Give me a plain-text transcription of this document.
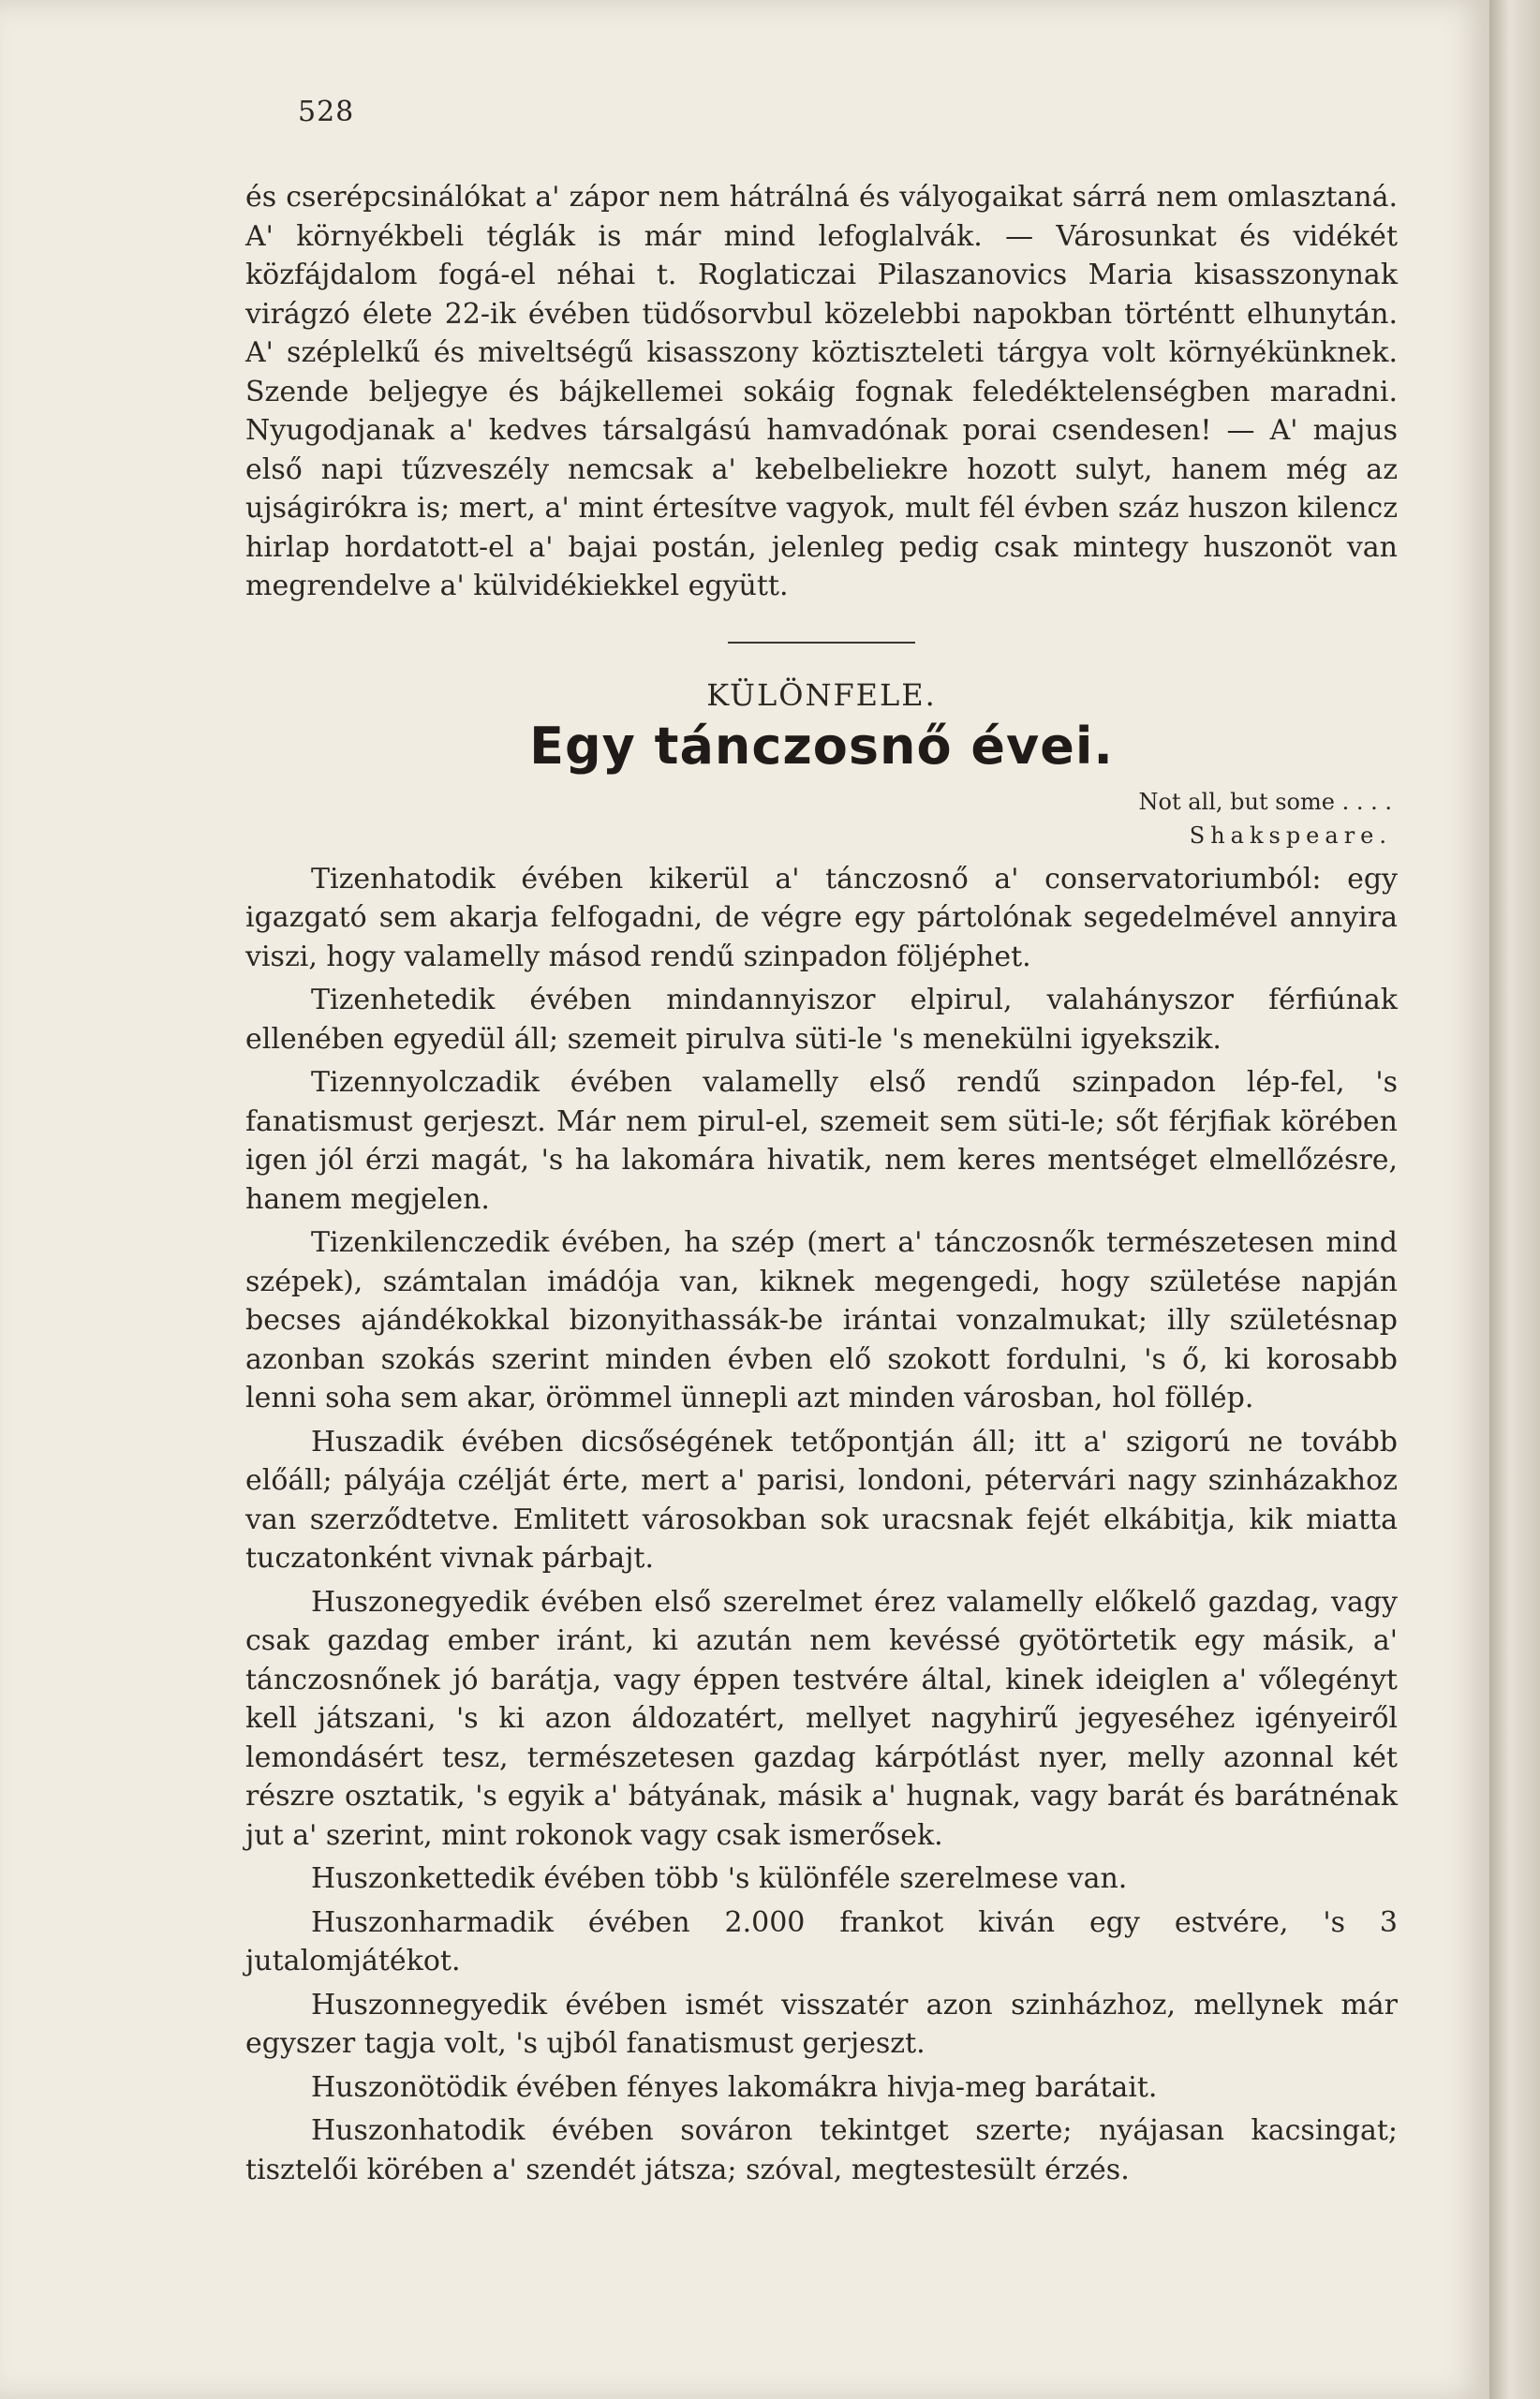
528

és cserépcsinálókat a' zápor nem hátrálná és vályogaikat sárrá nem omlasztaná. A' környékbeli téglák is már mind lefoglalvák. — Városunkat és vidékét közfájdalom fogá-el néhai t. Roglaticzai Pilaszanovics Maria kisasszonynak virágzó élete 22-ik évében tüdősorvbul közelebbi napokban történtt elhunytán. A' széplelkű és miveltségű kisasszony köztiszteleti tárgya volt környékünknek. Szende beljegye és bájkellemei sokáig fognak feledéktelenségben maradni. Nyugodjanak a' kedves társalgású hamvadónak porai csendesen! — A' majus első napi tűzveszély nemcsak a' kebelbeliekre hozott sulyt, hanem még az ujságirókra is; mert, a' mint értesítve vagyok, mult fél évben száz huszon kilencz hirlap hordatott-el a' bajai postán, jelenleg pedig csak mintegy huszonöt van megrendelve a' külvidékiekkel együtt.

KÜLÖNFELE.
Egy tánczosnő évei.
Not all, but some . . . .
Shakspeare.

Tizenhatodik évében kikerül a' tánczosnő a' conservatoriumból: egy igazgató sem akarja felfogadni, de végre egy pártolónak segedelmével annyira viszi, hogy valamelly másod rendű szinpadon följéphet.

Tizenhetedik évében mindannyiszor elpirul, valahányszor férfiúnak ellenében egyedül áll; szemeit pirulva süti-le 's menekülni igyekszik.

Tizennyolczadik évében valamelly első rendű szinpadon lép-fel, 's fanatismust gerjeszt. Már nem pirul-el, szemeit sem süti-le; sőt férjfiak körében igen jól érzi magát, 's ha lakomára hivatik, nem keres mentséget elmellőzésre, hanem megjelen.

Tizenkilenczedik évében, ha szép (mert a' tánczosnők természetesen mind szépek), számtalan imádója van, kiknek megengedi, hogy születése napján becses ajándékokkal bizonyithassák-be irántai vonzalmukat; illy születésnap azonban szokás szerint minden évben elő szokott fordulni, 's ő, ki korosabb lenni soha sem akar, örömmel ünnepli azt minden városban, hol föllép.

Huszadik évében dicsőségének tetőpontján áll; itt a' szigorú ne tovább előáll; pályája czélját érte, mert a' parisi, londoni, pétervári nagy szinházakhoz van szerződtetve. Emlitett városokban sok uracsnak fejét elkábitja, kik miatta tuczatonként vivnak párbajt.

Huszonegyedik évében első szerelmet érez valamelly előkelő gazdag, vagy csak gazdag ember iránt, ki azután nem kevéssé gyötörtetik egy másik, a' tánczosnőnek jó barátja, vagy éppen testvére által, kinek ideiglen a' vőlegényt kell játszani, 's ki azon áldozatért, mellyet nagyhirű jegyeséhez igényeiről lemondásért tesz, természetesen gazdag kárpótlást nyer, melly azonnal két részre osztatik, 's egyik a' bátyának, másik a' hugnak, vagy barát és barátnénak jut a' szerint, mint rokonok vagy csak ismerősek.

Huszonkettedik évében több 's különféle szerelmese van.

Huszonharmadik évében 2.000 frankot kiván egy estvére, 's 3 jutalomjátékot.

Huszonnegyedik évében ismét visszatér azon szinházhoz, mellynek már egyszer tagja volt, 's ujból fanatismust gerjeszt.

Huszonötödik évében fényes lakomákra hivja-meg barátait.

Huszonhatodik évében sováron tekintget szerte; nyájasan kacsingat; tisztelői körében a' szendét játsza; szóval, megtestesült érzés.
